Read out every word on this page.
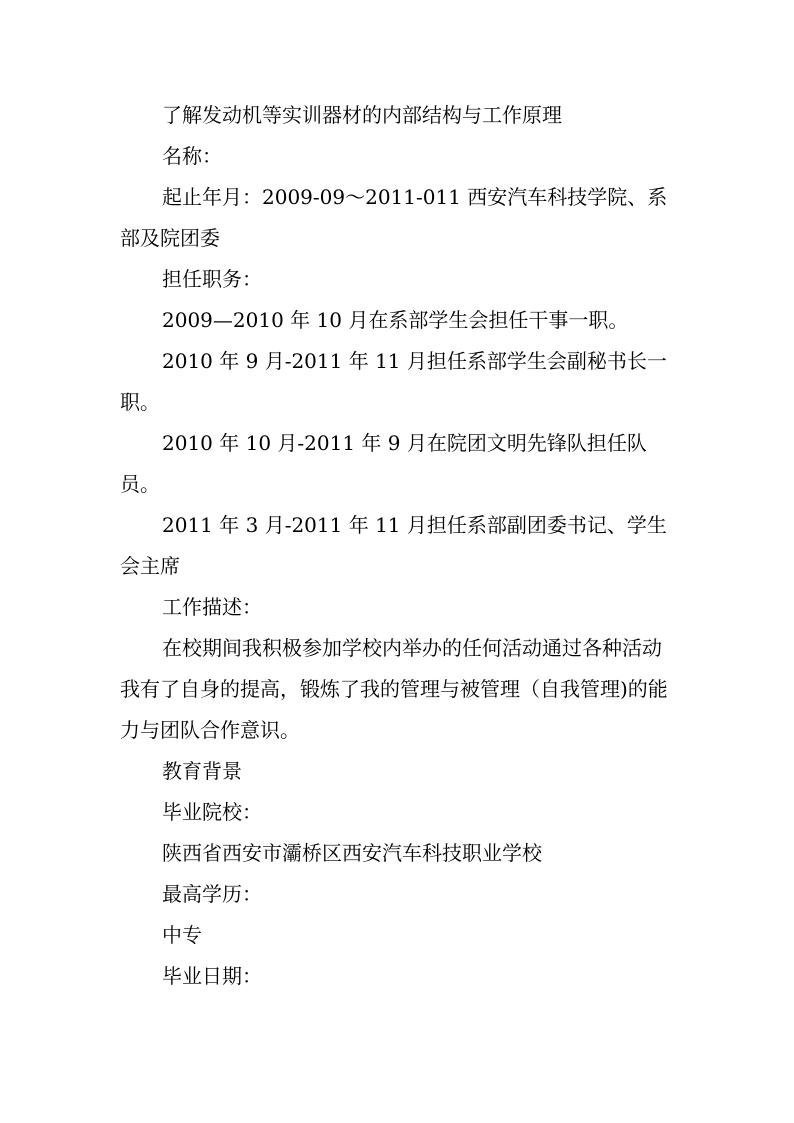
了解发动机等实训器材的内部结构与工作原理

名称：

起止年月：2009-09～2011-011 西安汽车科技学院、系部及院团委

担任职务：

2009—2010 年 10 月在系部学生会担任干事一职。

2010 年 9 月-2011 年 11 月担任系部学生会副秘书长一职。

2010 年 10 月-2011 年 9 月在院团文明先锋队担任队员。

2011 年 3 月-2011 年 11 月担任系部副团委书记、学生会主席

工作描述：

在校期间我积极参加学校内举办的任何活动通过各种活动我有了自身的提高，锻炼了我的管理与被管理（自我管理)的能力与团队合作意识。

教育背景

毕业院校：

陕西省西安市灞桥区西安汽车科技职业学校

最高学历：

中专

毕业日期：
